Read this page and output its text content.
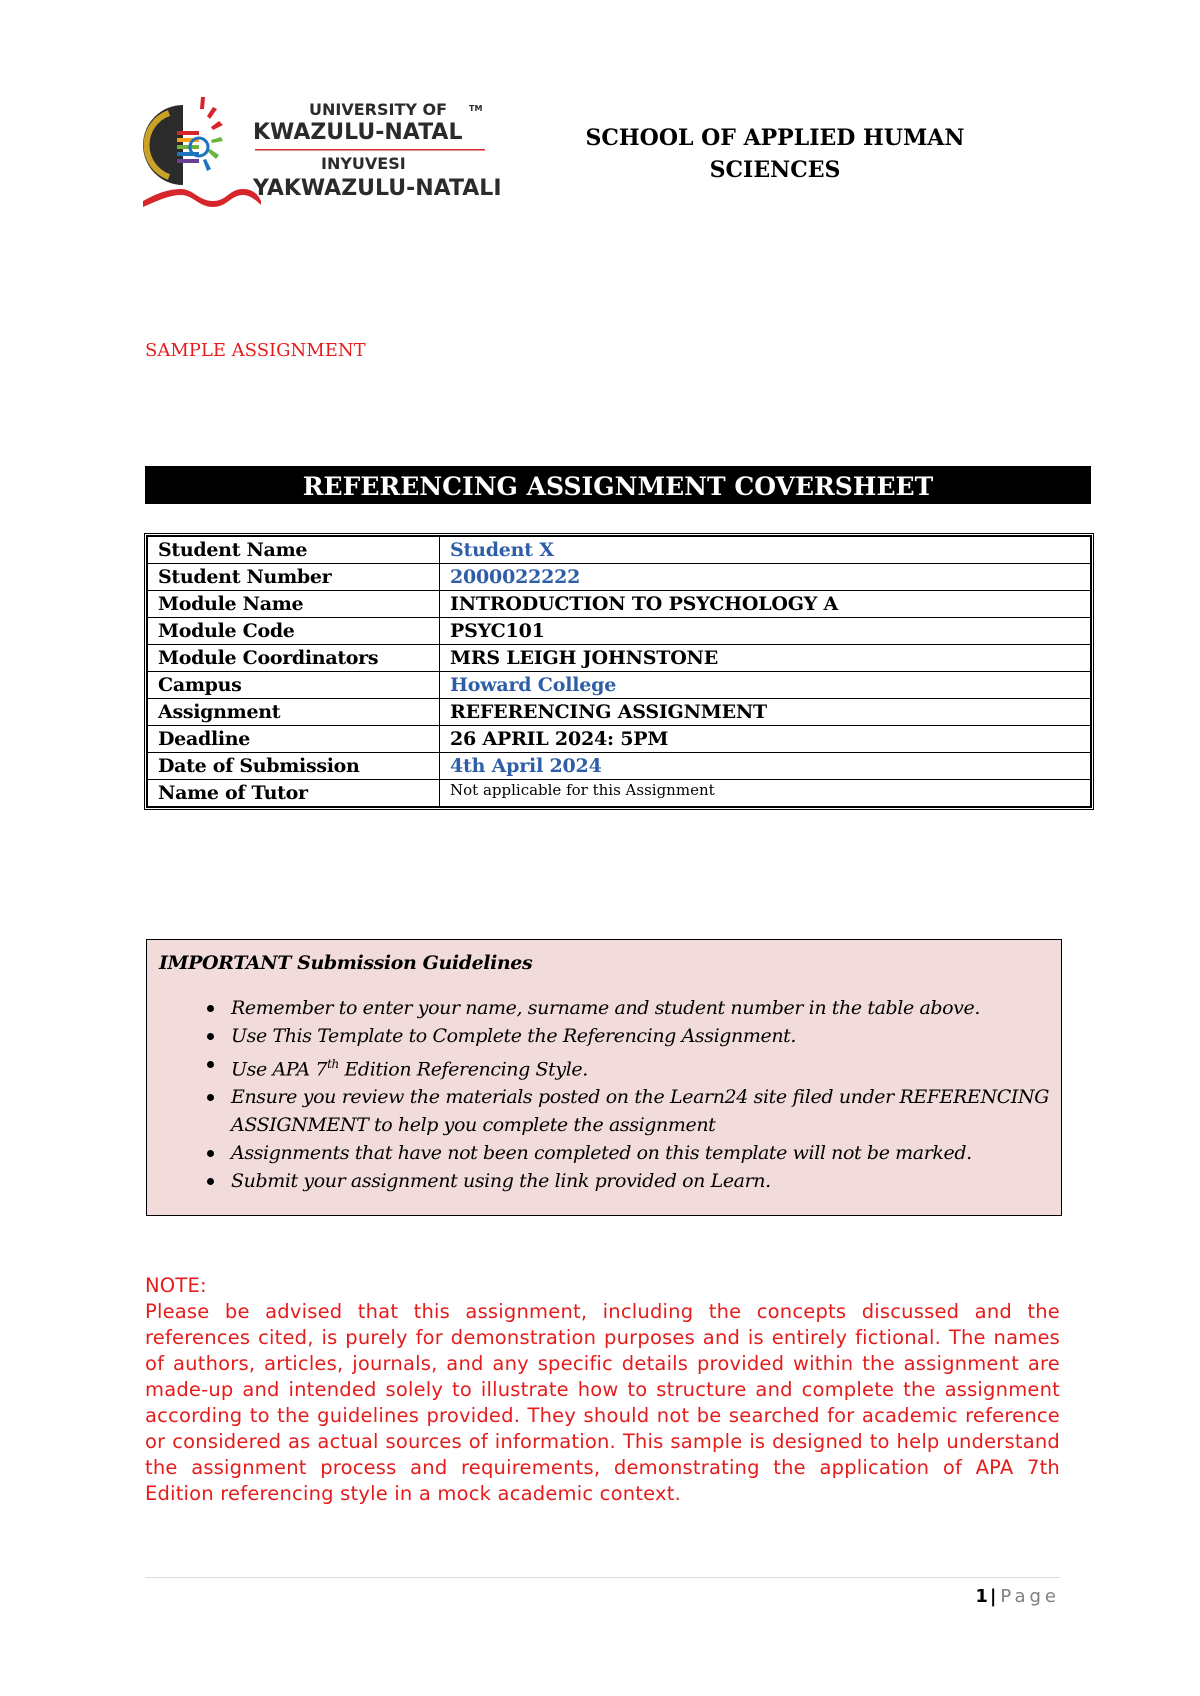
UNIVERSITY OF	TM
KWAZULU-NATAL
INYUVESI
YAKWAZULU-NATALI
SCHOOL OF APPLIED HUMAN
SCIENCES
SAMPLE ASSIGNMENT
REFERENCING ASSIGNMENT COVERSHEET
Student Name	Student X
Student Number	2000022222
Module Name	INTRODUCTION TO PSYCHOLOGY A
Module Code	PSYC101
Module Coordinators	MRS LEIGH JOHNSTONE
Campus	Howard College
Assignment	REFERENCING ASSIGNMENT
Deadline	26 APRIL 2024: 5PM
Date of Submission	4th April 2024
Name of Tutor	Not applicable for this Assignment
IMPORTANT Submission Guidelines
Remember to enter your name, surname and student number in the table above.
Use This Template to Complete the Referencing Assignment.
Use APA 7th Edition Referencing Style.
Ensure you review the materials posted on the Learn24 site filed under REFERENCING ASSIGNMENT to help you complete the assignment
Assignments that have not been completed on this template will not be marked.
Submit your assignment using the link provided on Learn.

NOTE:

Please be advised that this assignment, including the concepts discussed and the references cited, is purely for demonstration purposes and is entirely fictional. The names of authors, articles, journals, and any specific details provided within the assignment are made-up and intended solely to illustrate how to structure and complete the assignment according to the guidelines provided. They should not be searched for academic reference or considered as actual sources of information. This sample is designed to help understand the assignment process and requirements, demonstrating the application of APA 7th Edition referencing style in a mock academic context.

1 | Page
